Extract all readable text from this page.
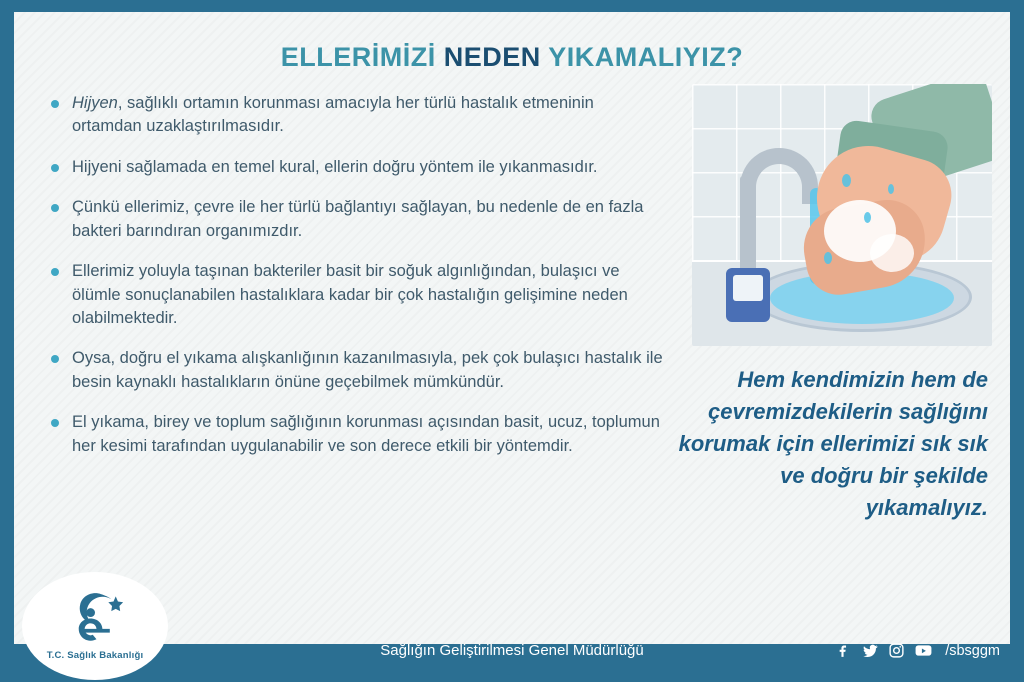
ELLERİMİZİ NEDEN YIKAMALIYIZ?
Hijyen, sağlıklı ortamın korunması amacıyla her türlü hastalık etmeninin ortamdan uzaklaştırılmasıdır.
Hijyeni sağlamada en temel kural, ellerin doğru yöntem ile yıkanmasıdır.
Çünkü ellerimiz, çevre ile her türlü bağlantıyı sağlayan, bu nedenle de en fazla bakteri barındıran organımızdır.
Ellerimiz yoluyla taşınan bakteriler basit bir soğuk algınlığından, bulaşıcı ve ölümle sonuçlanabilen hastalıklara kadar bir çok hastalığın gelişimine neden olabilmektedir.
Oysa, doğru el yıkama alışkanlığının kazanılmasıyla, pek çok bulaşıcı hastalık ile besin kaynaklı hastalıkların önüne geçebilmek mümkündür.
El yıkama, birey ve toplum sağlığının korunması açısından basit, ucuz, toplumun her kesimi tarafından uygulanabilir ve son derece etkili bir yöntemdir.
Hem kendimizin hem de çevremizdekilerin sağlığını korumak için ellerimizi sık sık ve doğru bir şekilde yıkamalıyız.
Sağlığın Geliştirilmesi Genel Müdürlüğü	/sbsggm
T.C. Sağlık Bakanlığı
